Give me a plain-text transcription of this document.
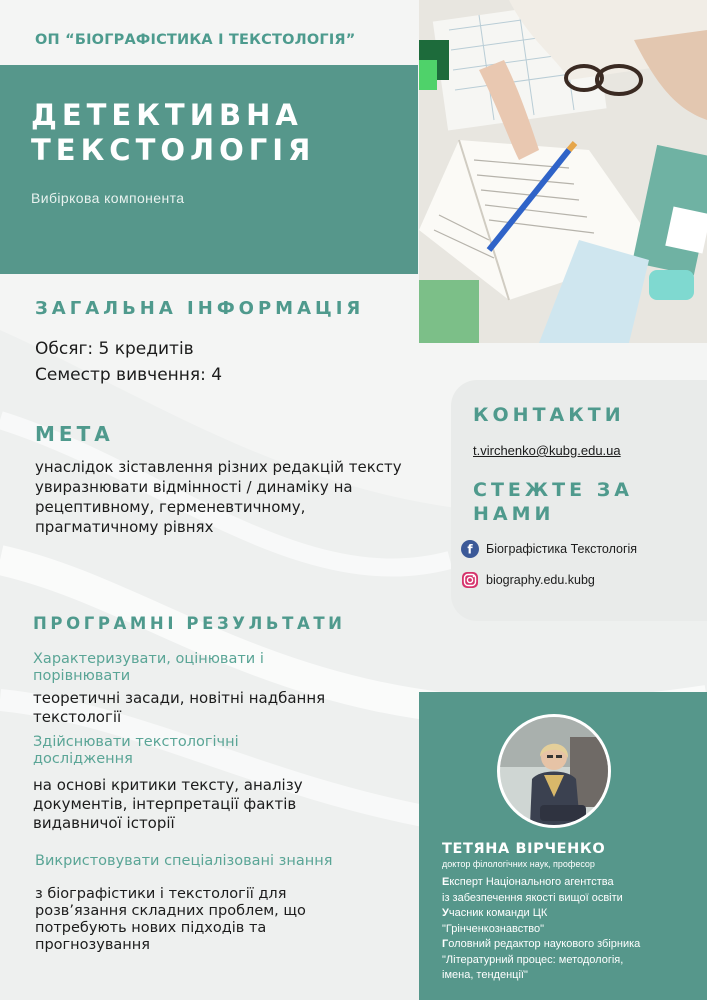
ОП “БІОГРАФІСТИКА І ТЕКСТОЛОГІЯ”
ДЕТЕКТИВНА
ТЕКСТОЛОГІЯ
Вибіркова компонента
ЗАГАЛЬНА ІНФОРМАЦІЯ
Обсяг: 5 кредитів
Семестр вивчення: 4
МЕТА
унаслідок зіставлення різних редакцій тексту увиразнювати відмінності / динаміку на рецептивному, герменевтичному, прагматичному рівнях
ПРОГРАМНІ РЕЗУЛЬТАТИ
Характеризувати, оцінювати і порівнювати
теоретичні засади, новітні надбання текстології
Здійснювати текстологічні дослідження
на основі критики тексту, аналізу документів, інтерпретації фактів видавничої історії
Викристовувати спеціалізовані знання
з біографістики і текстології для розв’язання складних проблем, що потребують нових підходів та прогнозування
КОНТАКТИ
t.virchenko@kubg.edu.ua
СТЕЖТЕ ЗА НАМИ
f Біографістика Текстологія
biography.edu.kubg
ТЕТЯНА ВІРЧЕНКО
доктор філологічних наук, професор
Експерт Національного агентства
із забезпечення якості вищої освіти
Учасник команди ЦК
"Грінченкознавство"
Головний редактор наукового збірника
"Літературний процес: методологія,
імена, тенденції"
